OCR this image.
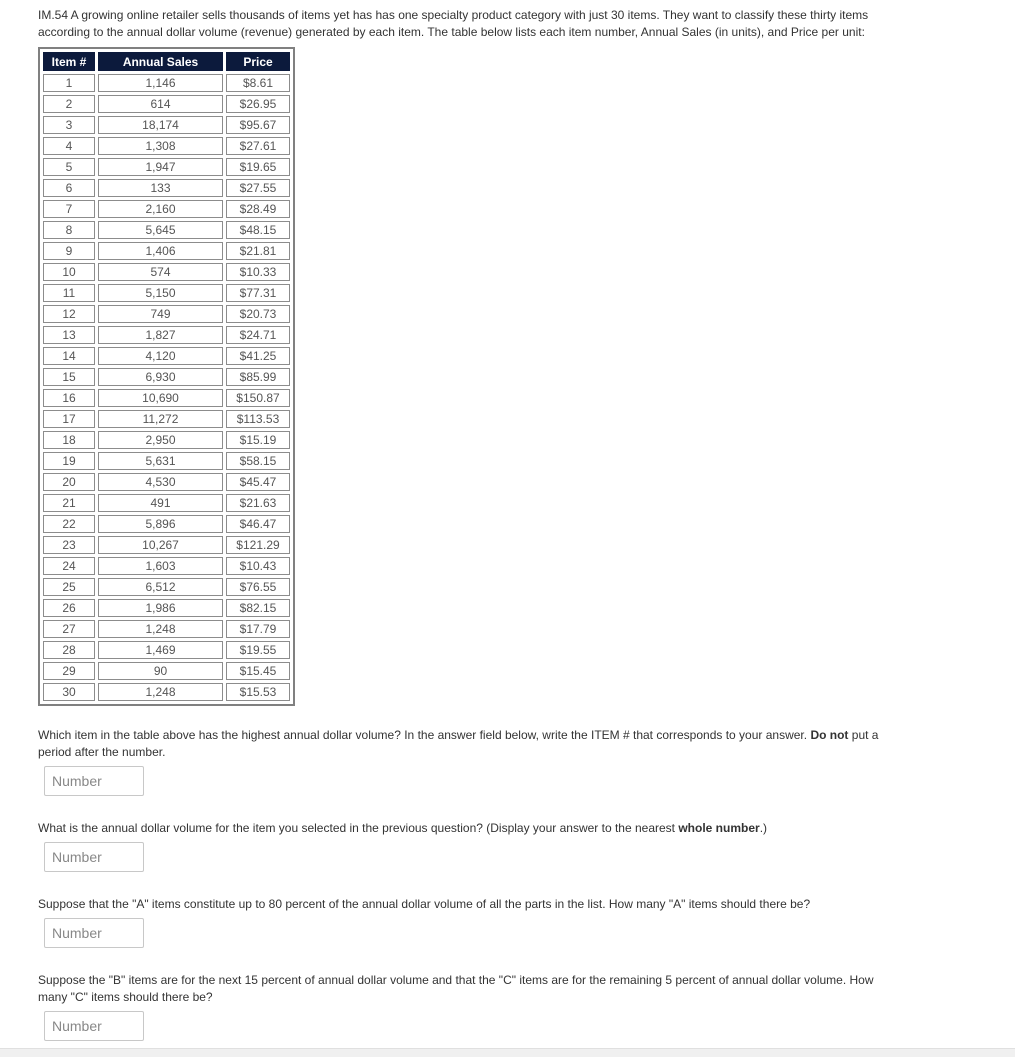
IM.54 A growing online retailer sells thousands of items yet has has one specialty product category with just 30 items. They want to classify these thirty items according to the annual dollar volume (revenue) generated by each item. The table below lists each item number, Annual Sales (in units), and Price per unit:
Item #	Annual Sales	Price
1	1,146	$8.61
2	614	$26.95
3	18,174	$95.67
4	1,308	$27.61
5	1,947	$19.65
6	133	$27.55
7	2,160	$28.49
8	5,645	$48.15
9	1,406	$21.81
10	574	$10.33
11	5,150	$77.31
12	749	$20.73
13	1,827	$24.71
14	4,120	$41.25
15	6,930	$85.99
16	10,690	$150.87
17	11,272	$113.53
18	2,950	$15.19
19	5,631	$58.15
20	4,530	$45.47
21	491	$21.63
22	5,896	$46.47
23	10,267	$121.29
24	1,603	$10.43
25	6,512	$76.55
26	1,986	$82.15
27	1,248	$17.79
28	1,469	$19.55
29	90	$15.45
30	1,248	$15.53
Which item in the table above has the highest annual dollar volume? In the answer field below, write the ITEM # that corresponds to your answer. Do not put a period after the number.
Number
What is the annual dollar volume for the item you selected in the previous question? (Display your answer to the nearest whole number.)
Number
Suppose that the "A" items constitute up to 80 percent of the annual dollar volume of all the parts in the list. How many "A" items should there be?
Number
Suppose the "B" items are for the next 15 percent of annual dollar volume and that the "C" items are for the remaining 5 percent of annual dollar volume. How many "C" items should there be?
Number
